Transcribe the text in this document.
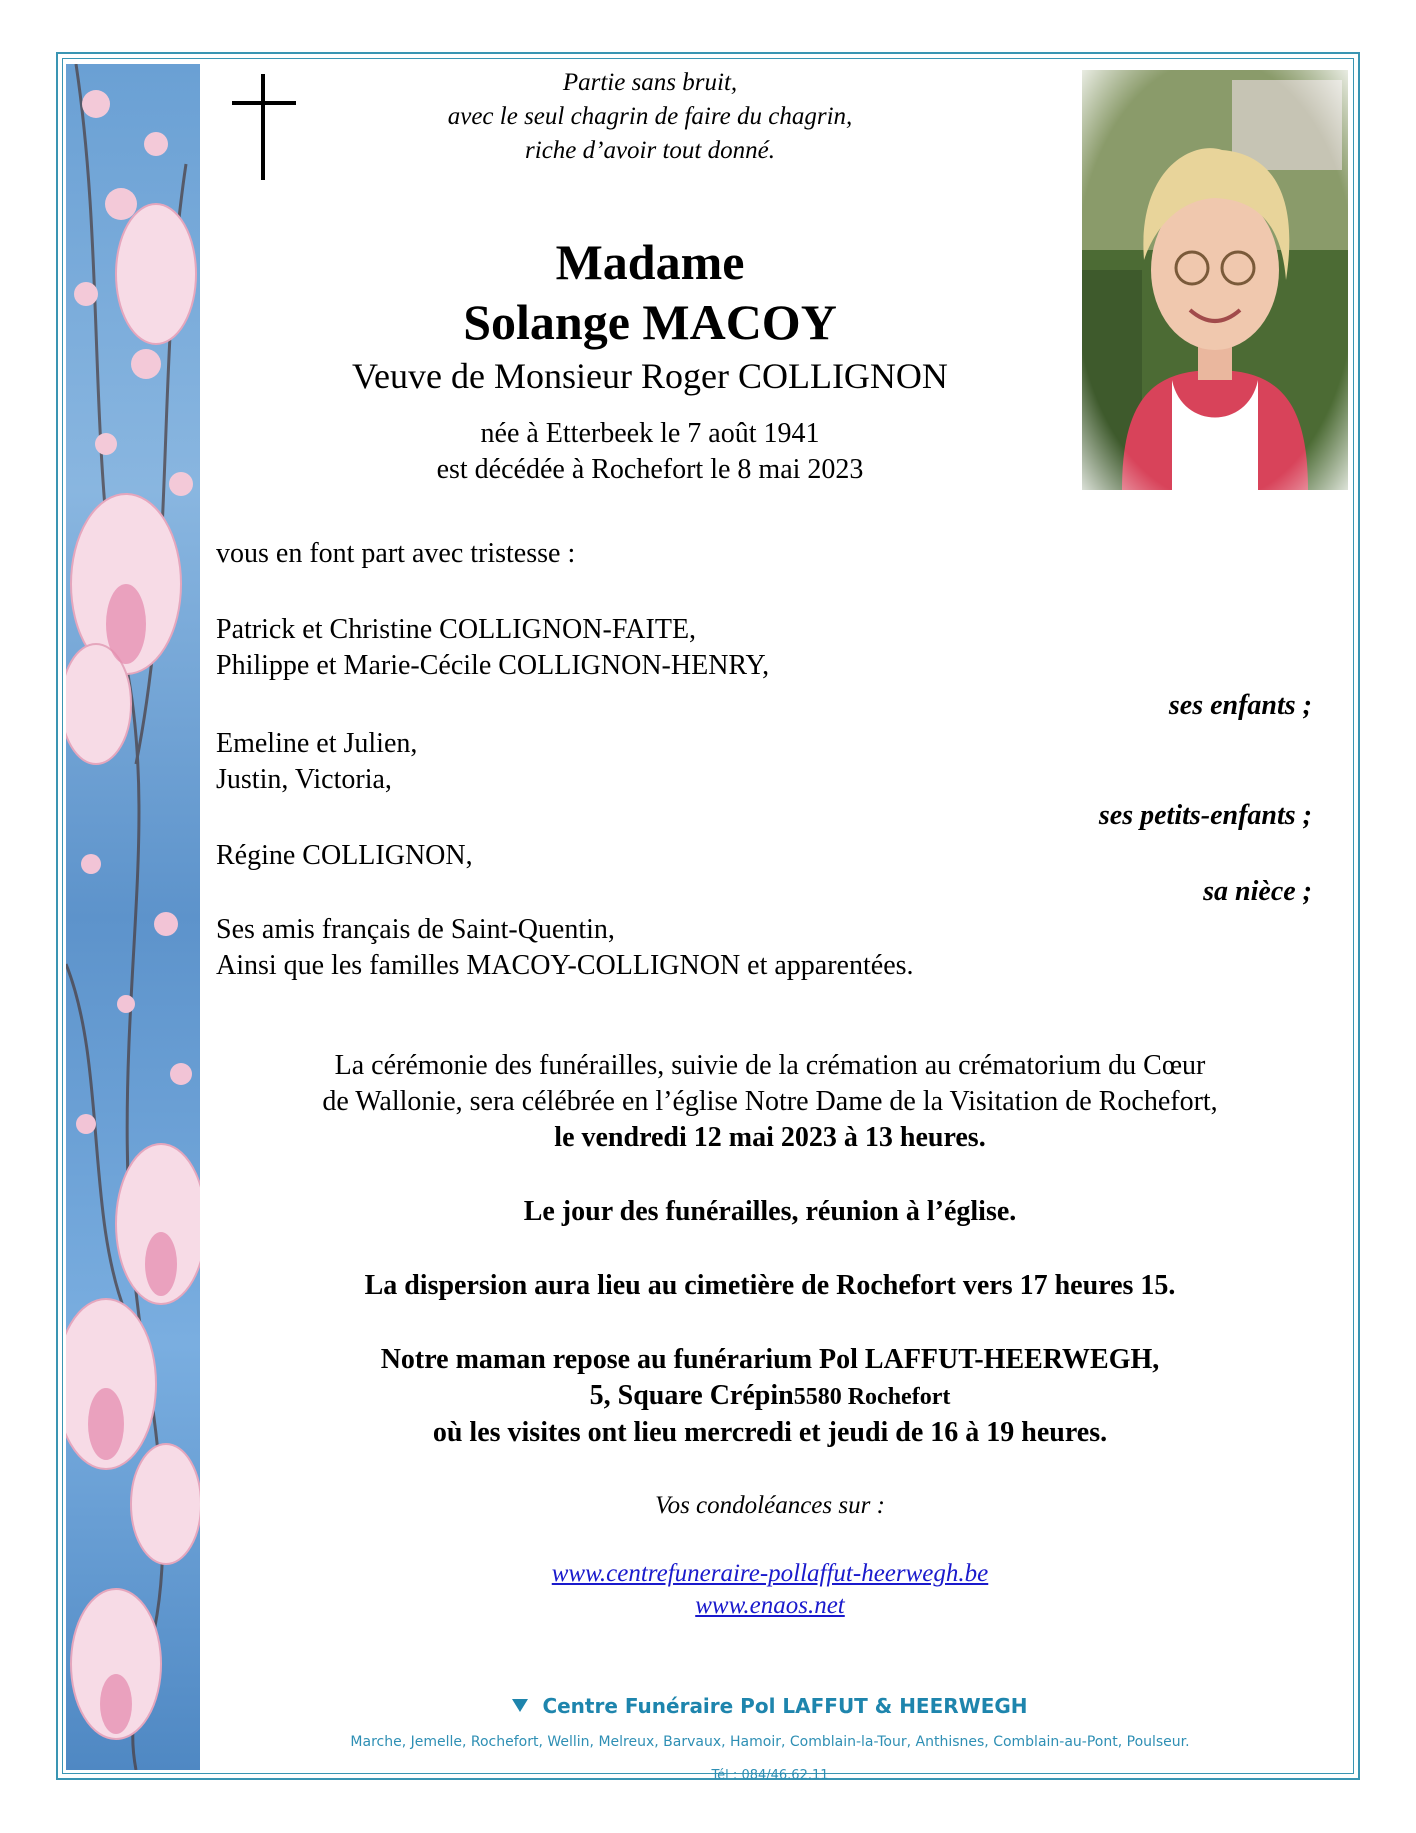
Partie sans bruit,
avec le seul chagrin de faire du chagrin,
riche d’avoir tout donné.
Madame
Solange MACOY
Veuve de Monsieur Roger COLLIGNON
née à Etterbeek le 7 août 1941
est décédée à Rochefort le 8 mai 2023
vous en font part avec tristesse :
Patrick et Christine COLLIGNON-FAITE,
Philippe et Marie-Cécile COLLIGNON-HENRY,
ses enfants ;
Emeline et Julien,
Justin, Victoria,
ses petits-enfants ;
Régine COLLIGNON,
sa nièce ;
Ses amis français de Saint-Quentin,
Ainsi que les familles MACOY-COLLIGNON et apparentées.
La cérémonie des funérailles, suivie de la crémation au crématorium du Cœur
de Wallonie, sera célébrée en l’église Notre Dame de la Visitation de Rochefort,
le vendredi 12 mai 2023 à 13 heures.
Le jour des funérailles, réunion à l’église.
La dispersion aura lieu au cimetière de Rochefort vers 17 heures 15.
Notre maman repose au funérarium Pol LAFFUT-HEERWEGH,
5, Square Crépin5580 Rochefort
où les visites ont lieu mercredi et jeudi de 16 à 19 heures.
Vos condoléances sur :
www.centrefuneraire-pollaffut-heerwegh.be
www.enaos.net
Centre Funéraire Pol LAFFUT & HEERWEGH
Marche, Jemelle, Rochefort, Wellin, Melreux, Barvaux, Hamoir, Comblain-la-Tour, Anthisnes, Comblain-au-Pont, Poulseur.
Tél : 084/46.62.11
